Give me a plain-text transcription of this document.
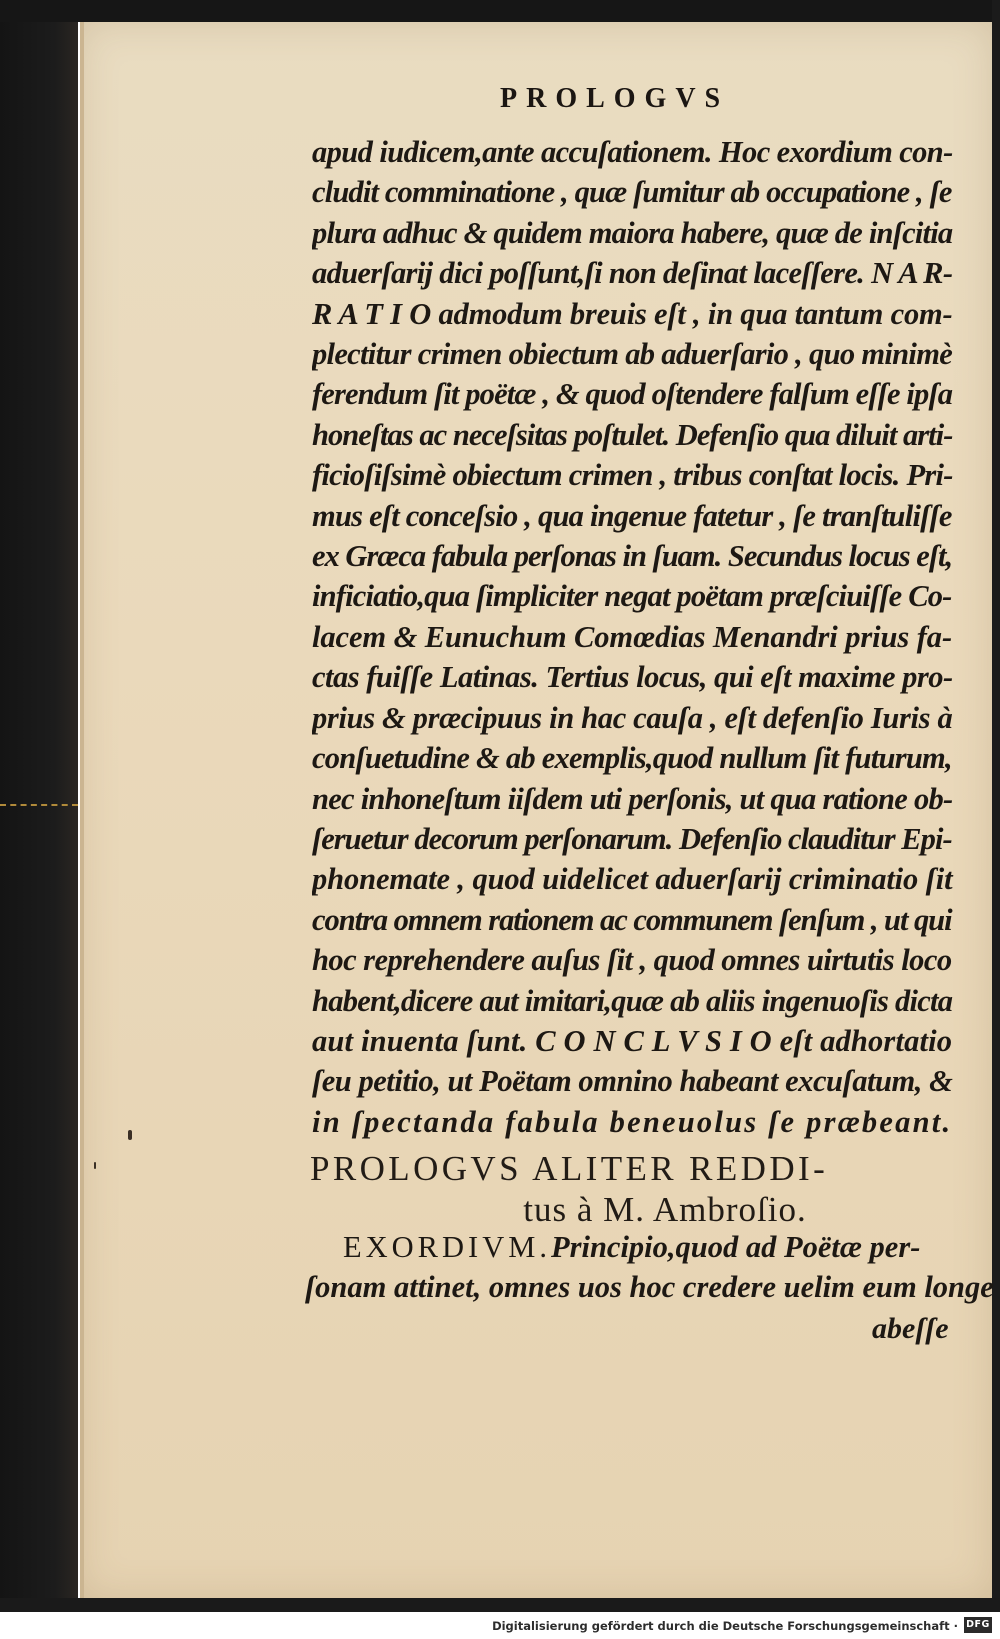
PROLOGVS
apud iudicem,ante accuſationem. Hoc exordium con-
cludit comminatione , quæ ſumitur ab occupatione , ſe
plura adhuc & quidem maiora habere, quæ de inſcitia
aduerſarij dici poſſunt,ſi non deſinat laceſſere. N A R-
R A T I O admodum breuis eſt , in qua tantum com-
plectitur crimen obiectum ab aduerſario , quo minimè
ferendum ſit poëtæ , & quod oſtendere falſum eſſe ipſa
honeſtas ac neceſsitas poſtulet. Defenſio qua diluit arti-
ficioſiſsimè obiectum crimen , tribus conſtat locis. Pri-
mus eſt conceſsio , qua ingenue fatetur , ſe tranſtuliſſe
ex Græca fabula perſonas in ſuam. Secundus locus eſt,
inficiatio,qua ſimpliciter negat poëtam præſciuiſſe Co-
lacem & Eunuchum Comœdias Menandri prius fa-
ctas fuiſſe Latinas. Tertius locus, qui eſt maxime pro-
prius & præcipuus in hac cauſa , eſt defenſio Iuris à
conſuetudine & ab exemplis,quod nullum ſit futurum,
nec inhoneſtum iiſdem uti perſonis, ut qua ratione ob-
ſeruetur decorum perſonarum. Defenſio clauditur Epi-
phonemate , quod uidelicet aduerſarij criminatio ſit
contra omnem rationem ac communem ſenſum , ut qui
hoc reprehendere auſus ſit , quod omnes uirtutis loco
habent,dicere aut imitari,quæ ab aliis ingenuoſis dicta
aut inuenta ſunt. C O N C L V S I O eſt adhortatio
ſeu petitio, ut Poëtam omnino habeant excuſatum, &
in ſpectanda fabula beneuolus ſe præbeant.
PROLOGVS ALITER REDDI-
tus à M. Ambroſio.
EXORDIVM.Principio,quod ad Poëtæ per-
ſonam attinet, omnes uos hoc credere uelim eum longe
abeſſe
Digitalisierung gefördert durch die Deutsche Forschungsgemeinschaft · DFG
